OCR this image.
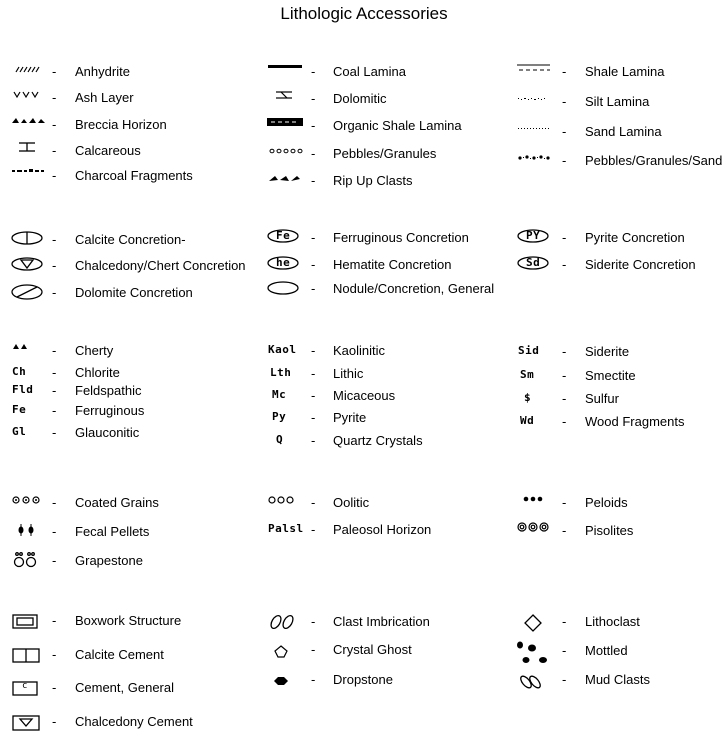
Lithologic Accessories
- Anhydrite
- Ash Layer
- Breccia Horizon
- Calcareous
- Charcoal Fragments
- Coal Lamina
- Dolomitic
- Organic Shale Lamina
- Pebbles/Granules
- Rip Up Clasts
- Shale Lamina
- Silt Lamina
- Sand Lamina
- Pebbles/Granules/Sand
- Calcite Concretion-
- Chalcedony/Chert Concretion
- Dolomite Concretion
Fe - Ferruginous Concretion
he - Hematite Concretion
- Nodule/Concretion, General
PY - Pyrite Concretion
Sd - Siderite Concretion
- Cherty
Ch - Chlorite
Fld - Feldspathic
Fe - Ferruginous
Gl - Glauconitic
Kaol - Kaolinitic
Lth - Lithic
Mc - Micaceous
Py - Pyrite
Q - Quartz Crystals
Sid - Siderite
Sm - Smectite
$ - Sulfur
Wd - Wood Fragments
- Coated Grains
- Fecal Pellets
- Grapestone
- Oolitic
Palsl - Paleosol Horizon
- Peloids
- Pisolites
- Boxwork Structure
- Calcite Cement
c - Cement, General
- Chalcedony Cement
- Clast Imbrication
- Crystal Ghost
- Dropstone
- Lithoclast
- Mottled
- Mud Clasts
